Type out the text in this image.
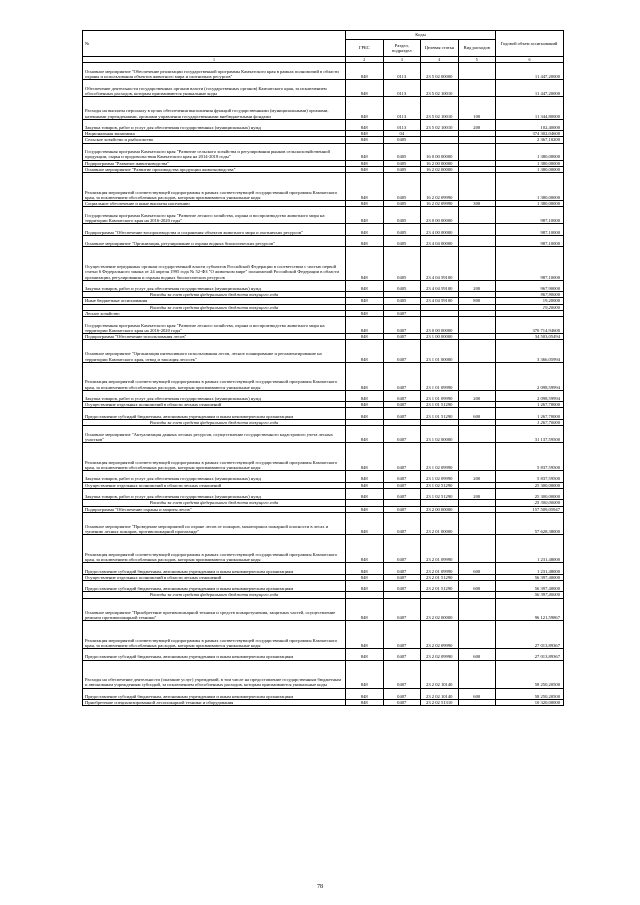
№	Коды				Годовой объем ассигнований
	ГРБС	Раздел, подраздел	Целевая статья	Вид расходов	
1	2	3	4	5	6
Основное мероприятие "Обеспечение реализации государственной программы Камчатского края в рамках полномочий в области охраны и использования объектов животного мира и охотничьих ресурсов"	848	0113	23 5 02 00000		11 447,20000
Обеспечение деятельности государственных органов власти (государственных органов) Камчатского края, за исключением обособленных расходов, которым присваиваются уникальные коды	848	0113	23 5 02 10010		11 447,20000
Расходы на выплаты персоналу в целях обеспечения выполнения функций государственными (муниципальными) органами, казенными учреждениями, органами управления государственными внебюджетными фондами	848	0113	23 5 02 10010	100	11 344,80000
Закупка товаров, работ и услуг для обеспечения государственных (муниципальных) нужд	848	0113	23 5 02 10010	200	102,40000
Национальная экономика	848	04			374 302,04600
Сельское хозяйство и рыболовство	848	0405			2 367,10200
Государственная программа Камчатского края "Развитие сельского хозяйства и регулирования рынков сельскохозяйственной продукции, сырья и продовольствия Камчатского края на 2014-2018 годы"	848	0405	16 0 00 00000		1 380,00000
Подпрограмма "Развитие животноводства"	848	0405	16 2 00 00000		1 380,00000
Основное мероприятие "Развитие производства продукции животноводства"	848	0405	16 2 02 00000		1 380,00000
Реализация мероприятий соответствующей подпрограммы в рамках соответствующей государственной программы Камчатского края, за исключением обособленных расходов, которым присваиваются уникальные коды	848	0405	16 2 02 09990		1 380,00000
Социальное обеспечение и иные выплаты населению	848	0405	16 2 02 09990	300	1 380,00000
Государственная программа Камчатского края "Развитие лесного хозяйства, охрана и воспроизводство животного мира на территории Камчатского края на 2016-2020 годы"	848	0405	23 0 00 00000		987,10000
Подпрограмма "Обеспечение воспроизводства и сохранения объектов животного мира и охотничьих ресурсов"	848	0405	23 4 00 00000		987,10000
Основное мероприятие "Организация, регулирование и охрана водных биологических ресурсов"	848	0405	23 4 04 00000		987,10000
Осуществление переданных органам государственной власти субъектов Российской Федерации в соответствии с частью первой статьи 6 Федерального закона от 24 апреля 1995 года № 52-ФЗ "О животном мире" полномочий Российской Федерации в области организации, регулирования и охраны водных биологических ресурсов	848	0405	23 4 04 59100		987,10000
Закупка товаров, работ и услуг для обеспечения государственных (муниципальных) нужд	848	0405	23 4 04 59100	200	967,90000
Расходы за счет средств федерального бюджета текущего года					967,90000
Иные бюджетные ассигнования	848	0405	23 4 04 59100	800	19,20000
Расходы за счет средств федерального бюджета текущего года					19,20000
Лесное хозяйство	848	0407			
Государственная программа Камчатского края "Развитие лесного хозяйства, охрана и воспроизводство животного мира на территории Камчатского края на 2016-2020 годы"	848	0407	23 0 00 00000		370 714,94600
Подпрограмма "Обеспечение использования лесов"	848	0407	23 1 00 00000		34 503,05494
Основное мероприятие "Организация интенсивного использования лесов, лесное планирование и регламентирование на территории Камчатского края, отвод и таксация лесосек"	848	0407	23 1 01 00000		3 366,05994
Реализация мероприятий соответствующей подпрограммы в рамках соответствующей государственной программы Камчатского края, за исключением обособленных расходов, которым присваиваются уникальные коды	848	0407	23 1 01 09990		2 098,59994
Закупка товаров, работ и услуг для обеспечения государственных (муниципальных) нужд	848	0407	23 1 01 09990	200	2 098,59994
Осуществление отдельных полномочий в области лесных отношений	848	0407	23 1 01 51290		1 267,70000
Предоставление субсидий бюджетным, автономным учреждениям и иным некоммерческим организациям	848	0407	23 1 01 51290	600	1 267,70000
Расходы за счет средств федерального бюджета текущего года					1 267,70000
Основное мероприятие "Актуализация данных лесных ресурсов, осуществление государственного кадастрового учета лесных участков"	848	0407	23 1 02 00000		31 137,59500
Реализация мероприятий соответствующей подпрограммы в рамках соответствующей государственной программы Камчатского края, за исключением обособленных расходов, которым присваиваются уникальные коды	848	0407	23 1 02 09990		5 837,59500
Закупка товаров, работ и услуг для обеспечения государственных (муниципальных) нужд	848	0407	23 1 02 09990	200	5 837,59500
Осуществление отдельных полномочий в области лесных отношений	848	0407	23 1 02 51290		25 300,00000
Закупка товаров, работ и услуг для обеспечения государственных (муниципальных) нужд	848	0407	23 1 02 51290	200	25 300,00000
Расходы за счет средств федерального бюджета текущего года					25 300,00000
Подпрограмма "Обеспечение охраны и защиты лесов"	848	0407	23 2 00 00000		157 509,05947
Основное мероприятие "Проведение мероприятий по охране лесов от пожаров, мониторинга пожарной опасности в лесах и тушению лесных пожаров, противопожарной пропаганде"	848	0407	23 2 01 00000		57 628,38000
Реализация мероприятий соответствующей подпрограммы в рамках соответствующей государственной программы Камчатского края, за исключением обособленных расходов, которым присваиваются уникальные коды	848	0407	23 2 01 09990		1 231,48000
Предоставление субсидий бюджетным, автономным учреждениям и иным некоммерческим организациям	848	0407	23 2 01 09990	600	1 231,48000
Осуществление отдельных полномочий в области лесных отношений	848	0407	23 2 01 51290		56 397,40000
Предоставление субсидий бюджетным, автономным учреждениям и иным некоммерческим организациям	848	0407	23 2 01 51290	600	56 397,40000
Расходы за счет средств федерального бюджета текущего года					56 397,40000
Основное мероприятие "Приобретение противопожарной техники и средств пожаротушения, защитных частей, осуществление ремонта противопожарной техники"	848	0407	23 2 02 00000		96 121,59867
Реализация мероприятий соответствующей подпрограммы в рамках соответствующей государственной программы Камчатского края, за исключением обособленных расходов, которым присваиваются уникальные коды	848	0407	23 2 02 09990		27 013,89367
Предоставление субсидий бюджетным, автономным учреждениям и иным некоммерческим организациям	848	0407	23 2 02 09990	600	27 013,89367
Расходы на обеспечение деятельности (оказание услуг) учреждений, в том числе на предоставление государственным бюджетным и автономным учреждениям субсидий, за исключением обособленных расходов, которым присваиваются уникальные коды	848	0407	23 2 02 10140		58 250,20500
Предоставление субсидий бюджетным, автономным учреждениям и иным некоммерческим организациям	848	0407	23 2 02 10140	600	58 250,20500
Приобретение специализированной лесопожарной техники и оборудования	848	0407	23 2 02 51310		10 320,00000
78
